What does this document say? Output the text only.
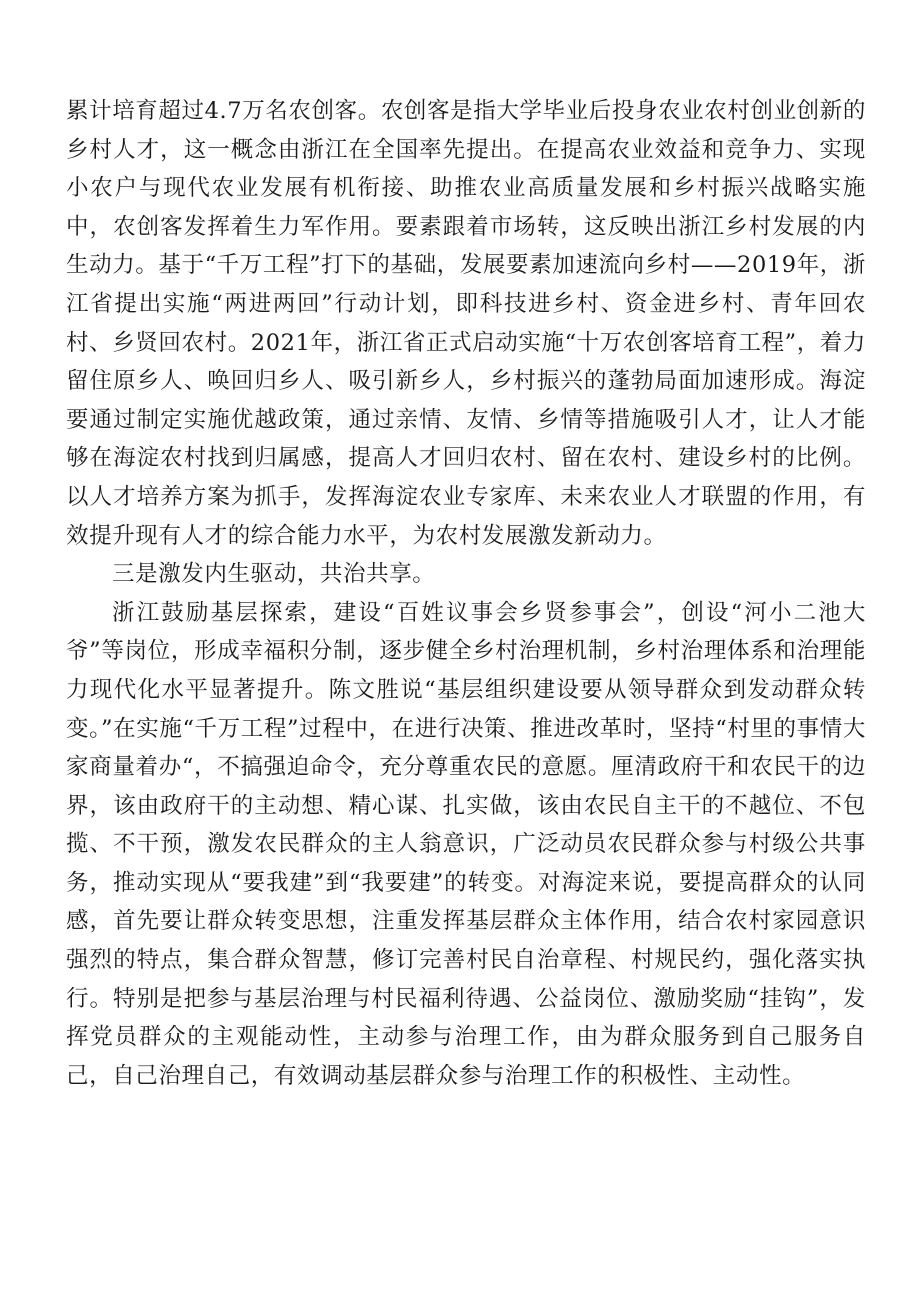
累计培育超过4.7万名农创客。农创客是指大学毕业后投身农业农村创业创新的乡村人才，这一概念由浙江在全国率先提出。在提高农业效益和竞争力、实现小农户与现代农业发展有机衔接、助推农业高质量发展和乡村振兴战略实施中，农创客发挥着生力军作用。要素跟着市场转，这反映出浙江乡村发展的内生动力。基于“千万工程”打下的基础，发展要素加速流向乡村——2019年，浙江省提出实施“两进两回”行动计划，即科技进乡村、资金进乡村、青年回农村、乡贤回农村。2021年，浙江省正式启动实施“十万农创客培育工程”，着力留住原乡人、唤回归乡人、吸引新乡人，乡村振兴的蓬勃局面加速形成。海淀要通过制定实施优越政策，通过亲情、友情、乡情等措施吸引人才，让人才能够在海淀农村找到归属感，提高人才回归农村、留在农村、建设乡村的比例。以人才培养方案为抓手，发挥海淀农业专家库、未来农业人才联盟的作用，有效提升现有人才的综合能力水平，为农村发展激发新动力。

三是激发内生驱动，共治共享。

浙江鼓励基层探索，建设“百姓议事会乡贤参事会”，创设“河小二池大爷”等岗位，形成幸福积分制，逐步健全乡村治理机制，乡村治理体系和治理能力现代化水平显著提升。陈文胜说“基层组织建设要从领导群众到发动群众转变。”在实施“千万工程”过程中，在进行决策、推进改革时，坚持“村里的事情大家商量着办“，不搞强迫命令，充分尊重农民的意愿。厘清政府干和农民干的边界，该由政府干的主动想、精心谋、扎实做，该由农民自主干的不越位、不包揽、不干预，激发农民群众的主人翁意识，广泛动员农民群众参与村级公共事务，推动实现从“要我建”到“我要建”的转变。对海淀来说，要提高群众的认同感，首先要让群众转变思想，注重发挥基层群众主体作用，结合农村家园意识强烈的特点，集合群众智慧，修订完善村民自治章程、村规民约，强化落实执行。特别是把参与基层治理与村民福利待遇、公益岗位、激励奖励“挂钩”，发挥党员群众的主观能动性，主动参与治理工作，由为群众服务到自己服务自己，自己治理自己，有效调动基层群众参与治理工作的积极性、主动性。
